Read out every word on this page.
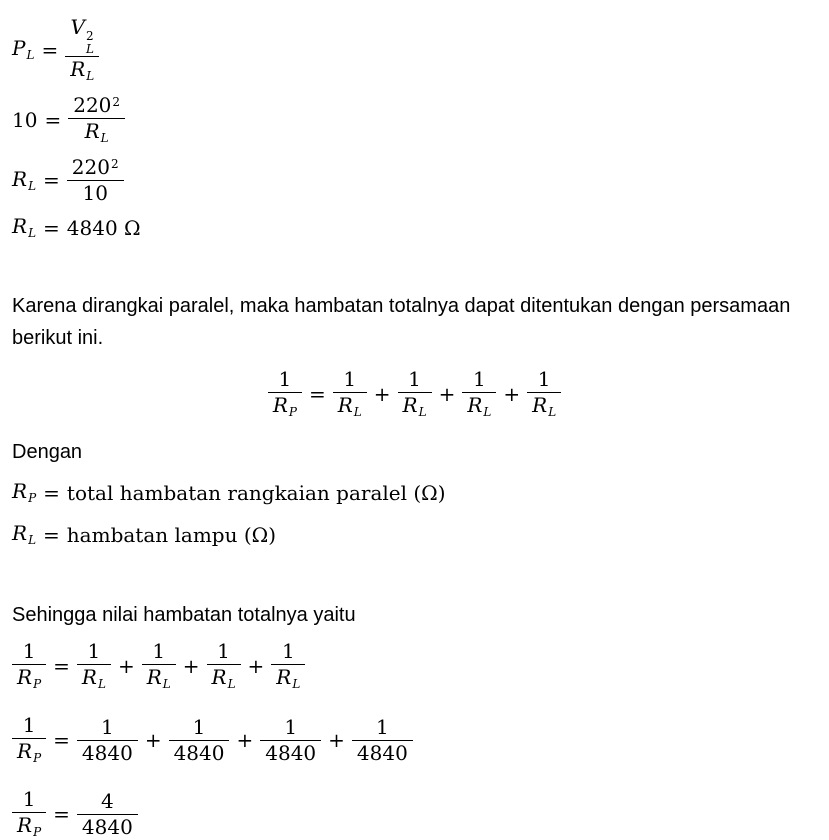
$P_L = V$ 2
L
$R_L$
$10 = \frac{220^2}{R_L}$
$R_L = \frac{220^2}{10}$
$R_L = 4840$ Ω
Karena dirangkai paralel, maka hambatan totalnya dapat ditentukan dengan persamaan
berikut ini.
$\frac{1}{R_P} = \frac{1}{R_L} + \frac{1}{R_L} + \frac{1}{R_L} + \frac{1}{R_L}$
Dengan
$R_P$ = total hambatan rangkaian paralel (Ω)
$R_L$ = hambatan lampu (Ω)
Sehingga nilai hambatan totalnya yaitu
$\frac{1}{R_P} = \frac{1}{R_L} + \frac{1}{R_L} + \frac{1}{R_L} + \frac{1}{R_L}$
$\frac{1}{R_P} = \frac{1}{4840} + \frac{1}{4840} + \frac{1}{4840} + \frac{1}{4840}$
$\frac{1}{R_P} = \frac{4}{4840}$
